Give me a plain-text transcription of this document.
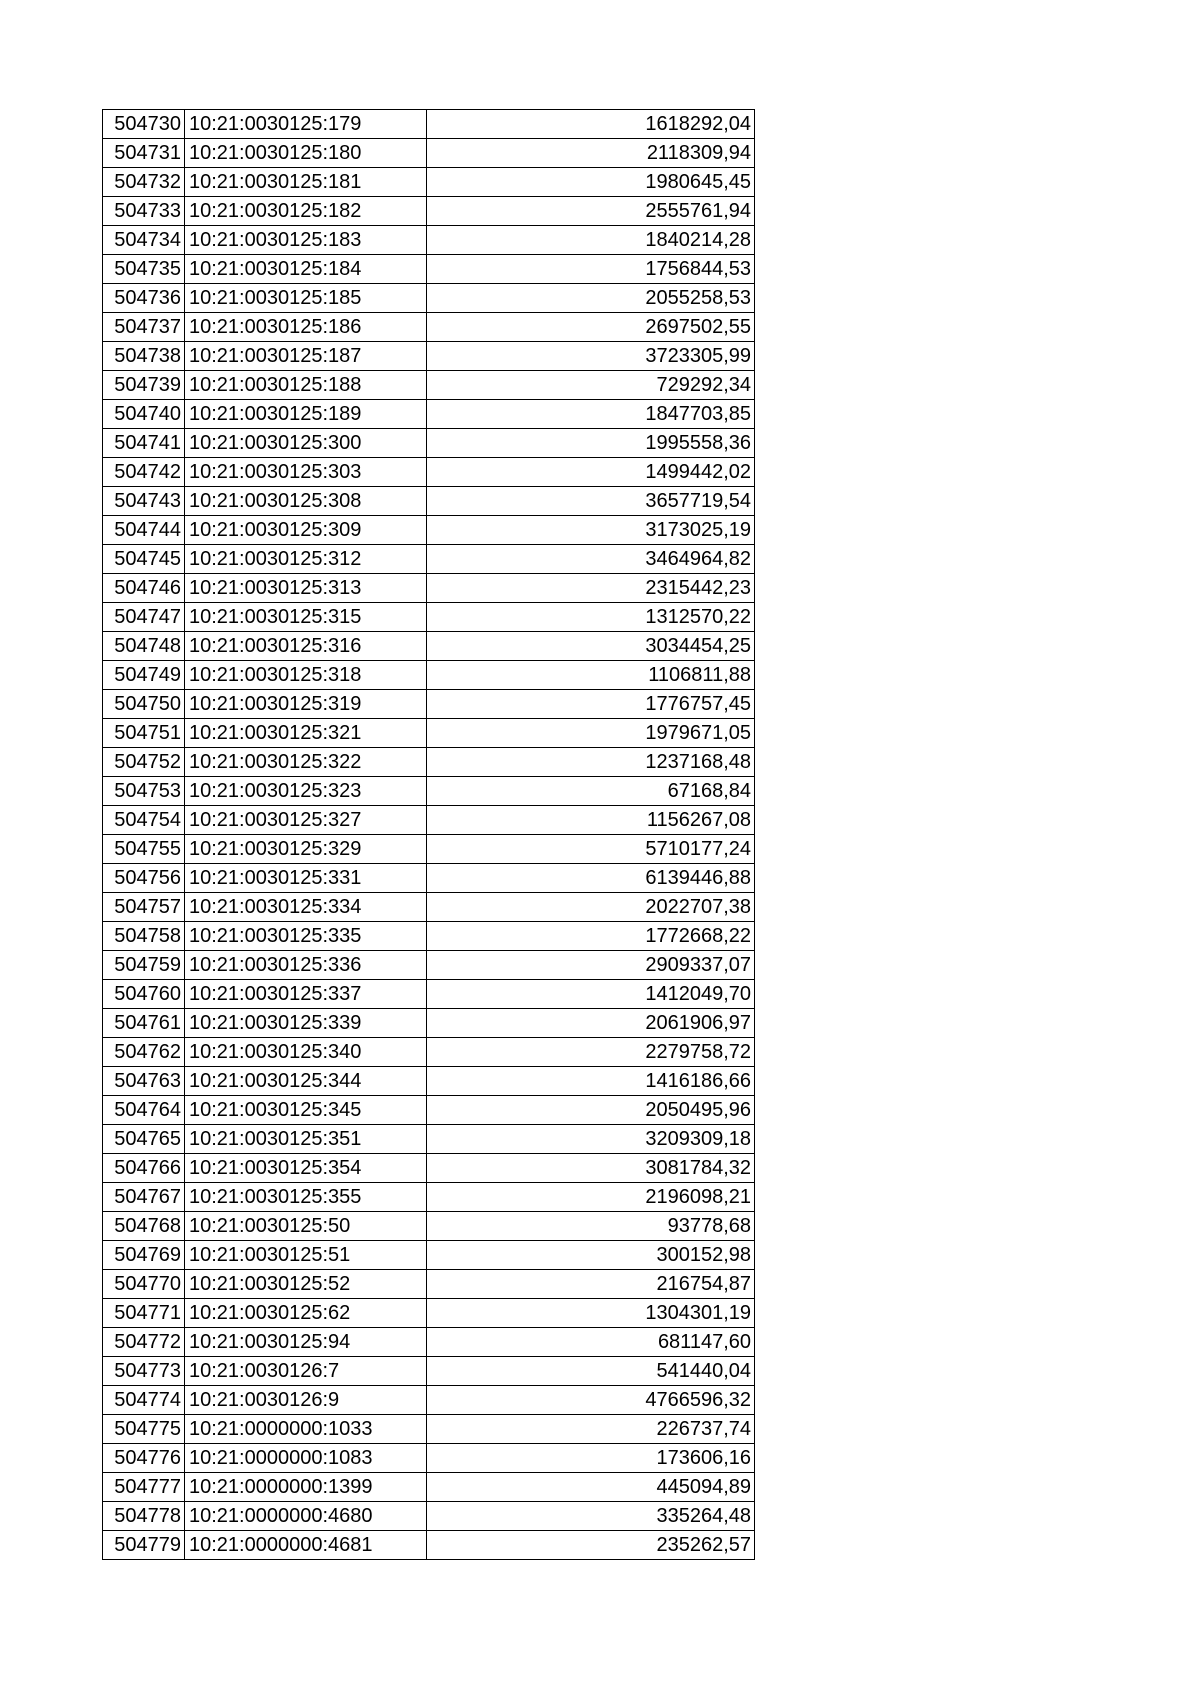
504730	10:21:0030125:179	1618292,04
504731	10:21:0030125:180	2118309,94
504732	10:21:0030125:181	1980645,45
504733	10:21:0030125:182	2555761,94
504734	10:21:0030125:183	1840214,28
504735	10:21:0030125:184	1756844,53
504736	10:21:0030125:185	2055258,53
504737	10:21:0030125:186	2697502,55
504738	10:21:0030125:187	3723305,99
504739	10:21:0030125:188	729292,34
504740	10:21:0030125:189	1847703,85
504741	10:21:0030125:300	1995558,36
504742	10:21:0030125:303	1499442,02
504743	10:21:0030125:308	3657719,54
504744	10:21:0030125:309	3173025,19
504745	10:21:0030125:312	3464964,82
504746	10:21:0030125:313	2315442,23
504747	10:21:0030125:315	1312570,22
504748	10:21:0030125:316	3034454,25
504749	10:21:0030125:318	1106811,88
504750	10:21:0030125:319	1776757,45
504751	10:21:0030125:321	1979671,05
504752	10:21:0030125:322	1237168,48
504753	10:21:0030125:323	67168,84
504754	10:21:0030125:327	1156267,08
504755	10:21:0030125:329	5710177,24
504756	10:21:0030125:331	6139446,88
504757	10:21:0030125:334	2022707,38
504758	10:21:0030125:335	1772668,22
504759	10:21:0030125:336	2909337,07
504760	10:21:0030125:337	1412049,70
504761	10:21:0030125:339	2061906,97
504762	10:21:0030125:340	2279758,72
504763	10:21:0030125:344	1416186,66
504764	10:21:0030125:345	2050495,96
504765	10:21:0030125:351	3209309,18
504766	10:21:0030125:354	3081784,32
504767	10:21:0030125:355	2196098,21
504768	10:21:0030125:50	93778,68
504769	10:21:0030125:51	300152,98
504770	10:21:0030125:52	216754,87
504771	10:21:0030125:62	1304301,19
504772	10:21:0030125:94	681147,60
504773	10:21:0030126:7	541440,04
504774	10:21:0030126:9	4766596,32
504775	10:21:0000000:1033	226737,74
504776	10:21:0000000:1083	173606,16
504777	10:21:0000000:1399	445094,89
504778	10:21:0000000:4680	335264,48
504779	10:21:0000000:4681	235262,57
